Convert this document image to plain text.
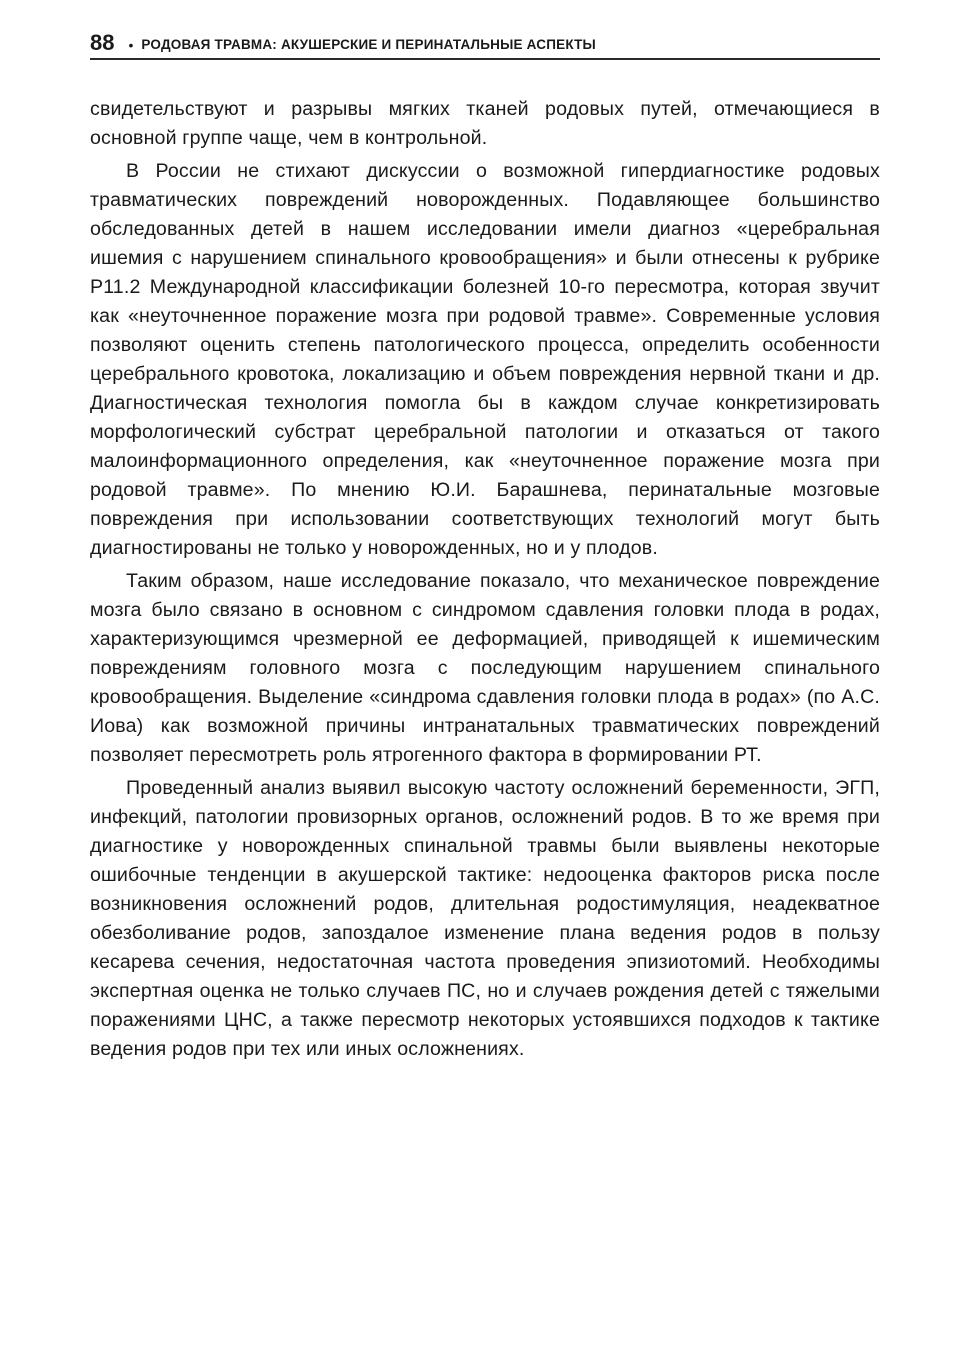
88 • РОДОВАЯ ТРАВМА: АКУШЕРСКИЕ И ПЕРИНАТАЛЬНЫЕ АСПЕКТЫ

свидетельствуют и разрывы мягких тканей родовых путей, отмечающиеся в основной группе чаще, чем в контрольной.

В России не стихают дискуссии о возможной гипердиагностике родовых травматических повреждений новорожденных. Подавляющее большинство обследованных детей в нашем исследовании имели диагноз «церебральная ишемия с нарушением спинального кровообращения» и были отнесены к рубрике Р11.2 Международной классификации болезней 10-го пересмотра, которая звучит как «неуточненное поражение мозга при родовой травме». Современные условия позволяют оценить степень патологического процесса, определить особенности церебрального кровотока, локализацию и объем повреждения нервной ткани и др. Диагностическая технология помогла бы в каждом случае конкретизировать морфологический субстрат церебральной патологии и отказаться от такого малоинформационного определения, как «неуточненное поражение мозга при родовой травме». По мнению Ю.И. Барашнева, перинатальные мозговые повреждения при использовании соответствующих технологий могут быть диагностированы не только у новорожденных, но и у плодов.

Таким образом, наше исследование показало, что механическое повреждение мозга было связано в основном с синдромом сдавления головки плода в родах, характеризующимся чрезмерной ее деформацией, приводящей к ишемическим повреждениям головного мозга с последующим нарушением спинального кровообращения. Выделение «синдрома сдавления головки плода в родах» (по А.С. Иова) как возможной причины интранатальных травматических повреждений позволяет пересмотреть роль ятрогенного фактора в формировании РТ.

Проведенный анализ выявил высокую частоту осложнений беременности, ЭГП, инфекций, патологии провизорных органов, осложнений родов. В то же время при диагностике у новорожденных спинальной травмы были выявлены некоторые ошибочные тенденции в акушерской тактике: недооценка факторов риска после возникновения осложнений родов, длительная родостимуляция, неадекватное обезболивание родов, запоздалое изменение плана ведения родов в пользу кесарева сечения, недостаточная частота проведения эпизиотомий. Необходимы экспертная оценка не только случаев ПС, но и случаев рождения детей с тяжелыми поражениями ЦНС, а также пересмотр некоторых устоявшихся подходов к тактике ведения родов при тех или иных осложнениях.
